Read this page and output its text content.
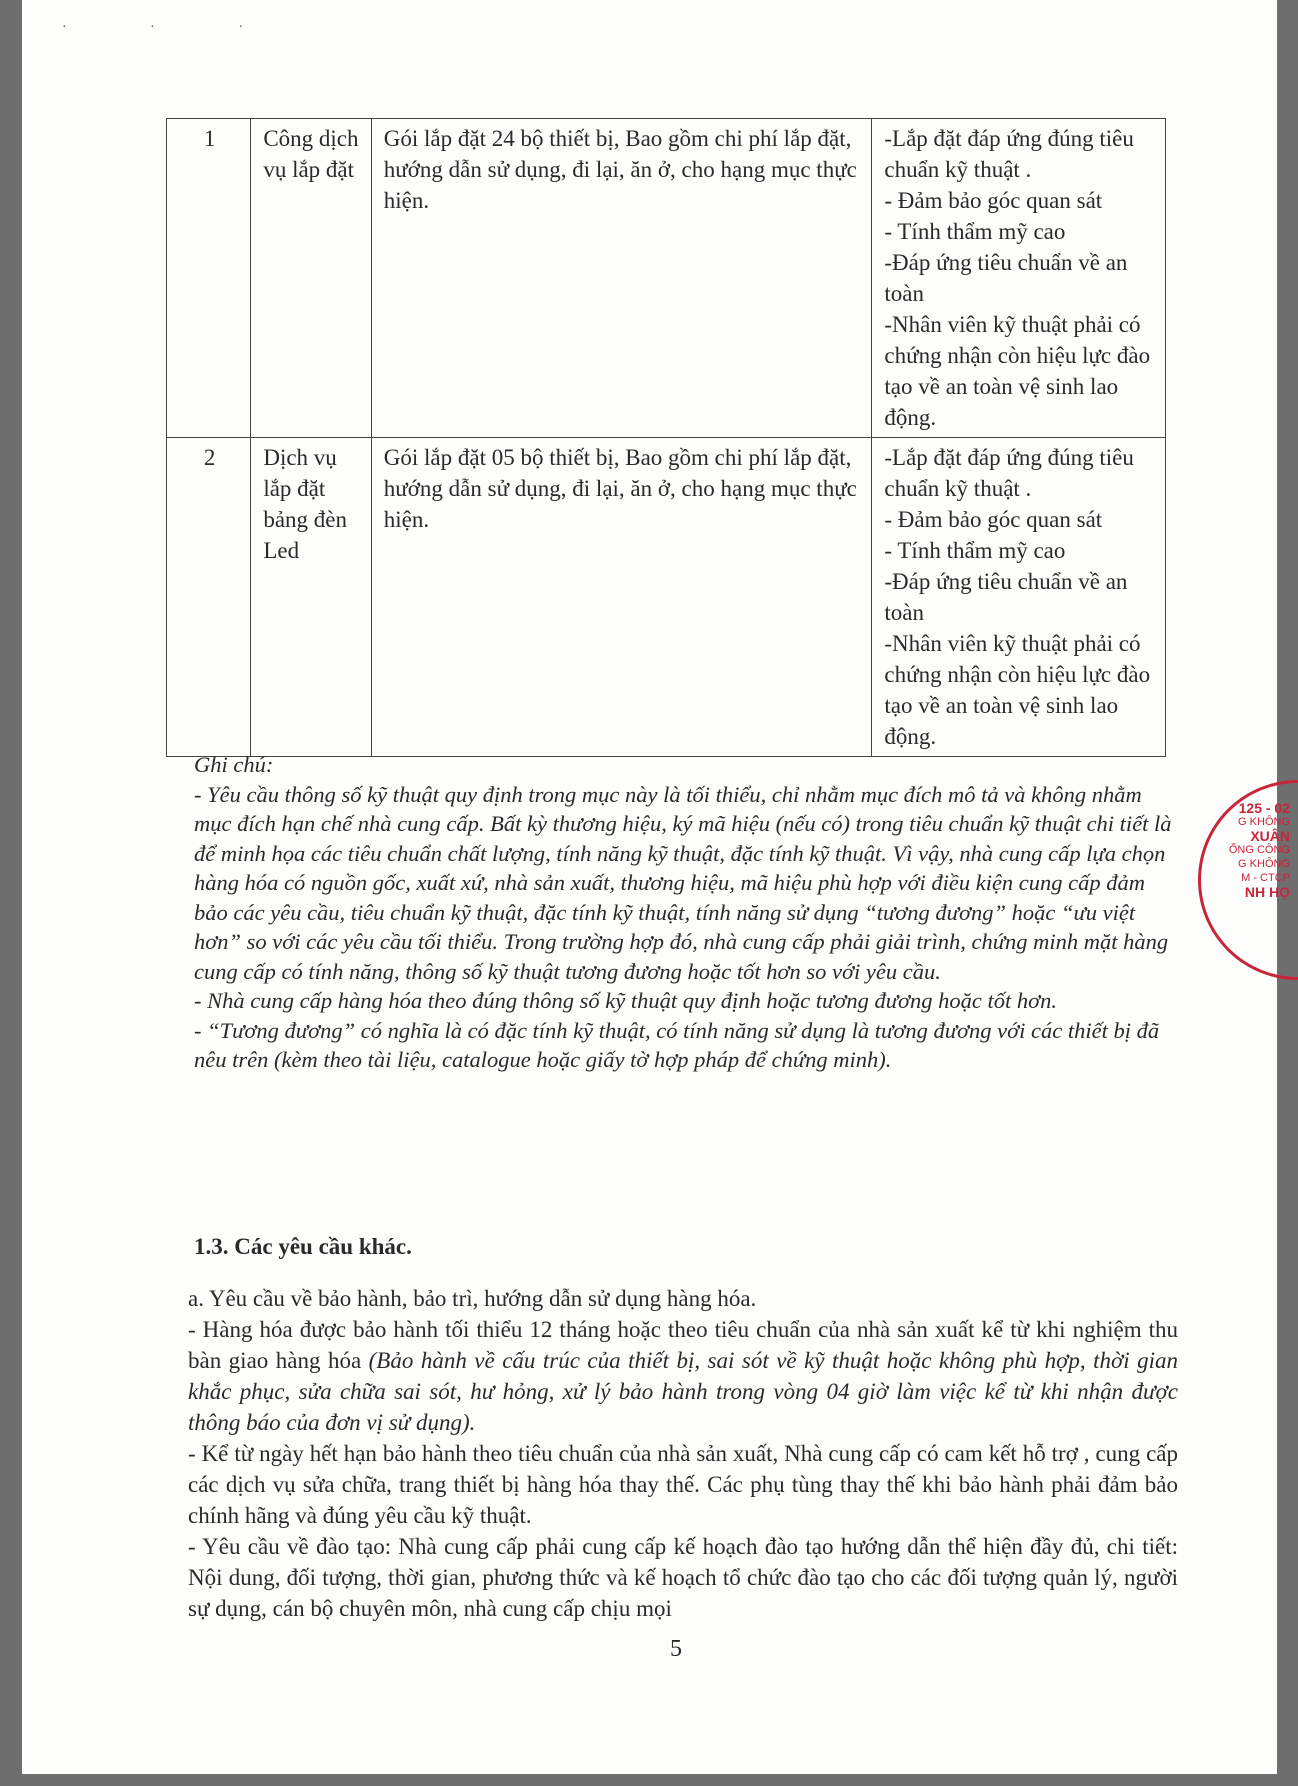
· · ·
1	Công dịch vụ lắp đặt	Gói lắp đặt 24 bộ thiết bị, Bao gồm chi phí lắp đặt, hướng dẫn sử dụng, đi lại, ăn ở, cho hạng mục thực hiện.	-Lắp đặt đáp ứng đúng tiêu chuẩn kỹ thuật .
- Đảm bảo góc quan sát
- Tính thẩm mỹ cao
-Đáp ứng tiêu chuẩn về an toàn
-Nhân viên kỹ thuật phải có chứng nhận còn hiệu lực đào tạo về an toàn vệ sinh lao động.

2	Dịch vụ lắp đặt bảng đèn Led	Gói lắp đặt 05 bộ thiết bị, Bao gồm chi phí lắp đặt, hướng dẫn sử dụng, đi lại, ăn ở, cho hạng mục thực hiện.	-Lắp đặt đáp ứng đúng tiêu chuẩn kỹ thuật .
- Đảm bảo góc quan sát
- Tính thẩm mỹ cao
-Đáp ứng tiêu chuẩn về an toàn
-Nhân viên kỹ thuật phải có chứng nhận còn hiệu lực đào tạo về an toàn vệ sinh lao động.

Ghi chú:

- Yêu cầu thông số kỹ thuật quy định trong mục này là tối thiểu, chỉ nhằm mục đích mô tả và không nhằm mục đích hạn chế nhà cung cấp. Bất kỳ thương hiệu, ký mã hiệu (nếu có) trong tiêu chuẩn kỹ thuật chi tiết là để minh họa các tiêu chuẩn chất lượng, tính năng kỹ thuật, đặc tính kỹ thuật. Vì vậy, nhà cung cấp lựa chọn hàng hóa có nguồn gốc, xuất xứ, nhà sản xuất, thương hiệu, mã hiệu phù hợp với điều kiện cung cấp đảm bảo các yêu cầu, tiêu chuẩn kỹ thuật, đặc tính kỹ thuật, tính năng sử dụng “tương đương” hoặc “ưu việt hơn” so với các yêu cầu tối thiểu. Trong trường hợp đó, nhà cung cấp phải giải trình, chứng minh mặt hàng cung cấp có tính năng, thông số kỹ thuật tương đương hoặc tốt hơn so với yêu cầu.

- Nhà cung cấp hàng hóa theo đúng thông số kỹ thuật quy định hoặc tương đương hoặc tốt hơn.

- “Tương đương” có nghĩa là có đặc tính kỹ thuật, có tính năng sử dụng là tương đương với các thiết bị đã nêu trên (kèm theo tài liệu, catalogue hoặc giấy tờ hợp pháp để chứng minh).

1.3. Các yêu cầu khác.

a. Yêu cầu về bảo hành, bảo trì, hướng dẫn sử dụng hàng hóa.

- Hàng hóa được bảo hành tối thiểu 12 tháng hoặc theo tiêu chuẩn của nhà sản xuất kể từ khi nghiệm thu bàn giao hàng hóa (Bảo hành về cấu trúc của thiết bị, sai sót về kỹ thuật hoặc không phù hợp, thời gian khắc phục, sửa chữa sai sót, hư hỏng, xử lý bảo hành trong vòng 04 giờ làm việc kể từ khi nhận được thông báo của đơn vị sử dụng).

- Kể từ ngày hết hạn bảo hành theo tiêu chuẩn của nhà sản xuất, Nhà cung cấp có cam kết hỗ trợ , cung cấp các dịch vụ sửa chữa, trang thiết bị hàng hóa thay thế. Các phụ tùng thay thế khi bảo hành phải đảm bảo chính hãng và đúng yêu cầu kỹ thuật.

- Yêu cầu về đào tạo: Nhà cung cấp phải cung cấp kế hoạch đào tạo hướng dẫn thể hiện đầy đủ, chi tiết: Nội dung, đối tượng, thời gian, phương thức và kế hoạch tổ chức đào tạo cho các đối tượng quản lý, người sự dụng, cán bộ chuyên môn, nhà cung cấp chịu mọi

5
125 - 02
G KHÔNG
XUÂN
ỐNG CÔNG
G KHÔNG
M - CTCP
NH HỌ
